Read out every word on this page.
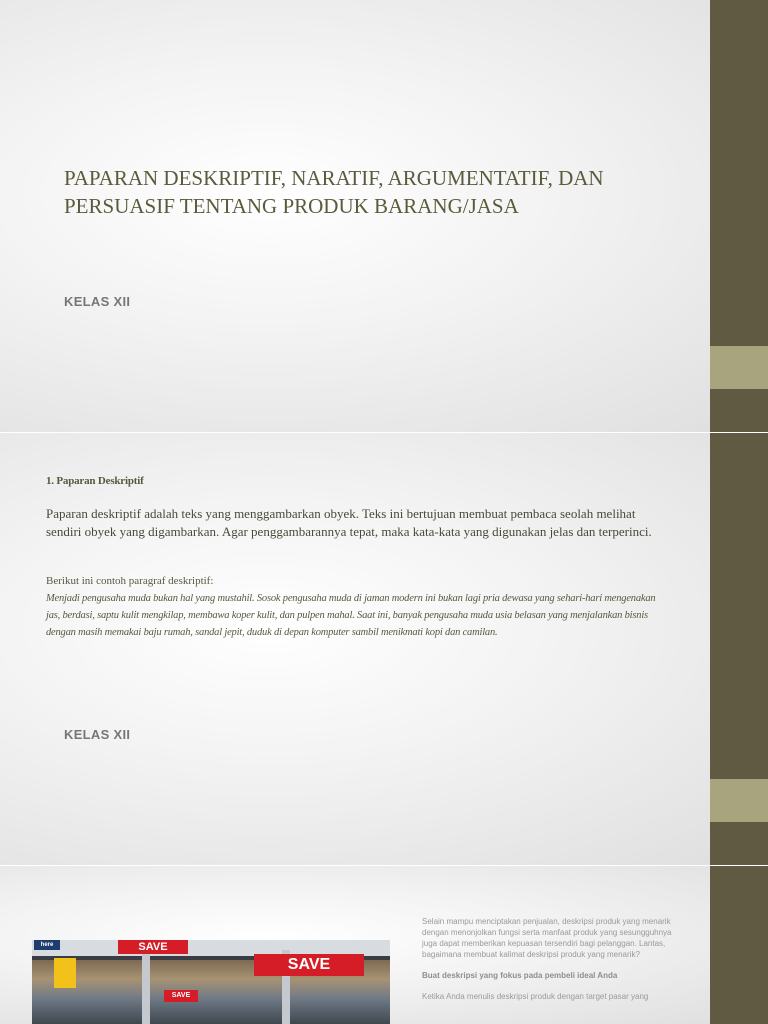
PAPARAN DESKRIPTIF, NARATIF, ARGUMENTATIF, DAN
PERSUASIF TENTANG PRODUK BARANG/JASA
KELAS XII
1. Paparan Deskriptif
Paparan deskriptif adalah teks yang menggambarkan obyek. Teks ini bertujuan membuat pembaca seolah melihat sendiri obyek yang digambarkan. Agar penggambarannya tepat, maka kata-kata yang digunakan jelas dan terperinci.
Berikut ini contoh paragraf deskriptif:
Menjadi pengusaha muda bukan hal yang mustahil. Sosok pengusaha muda di jaman modern ini bukan lagi pria dewasa yang sehari-hari mengenakan jas, berdasi, saptu kulit mengkilap, membawa koper kulit, dan pulpen mahal. Saat ini, banyak pengusaha muda usia belasan yang menjalankan bisnis dengan masih memakai baju rumah, sandal jepit, duduk di depan komputer sambil menikmati kopi dan camilan.
KELAS XII
here	SAVE
SAVE
SAVE

Selain mampu menciptakan penjualan, deskripsi produk yang menarik dengan menonjolkan fungsi serta manfaat produk yang sesungguhnya juga dapat memberikan kepuasan tersendiri bagi pelanggan. Lantas, bagaimana membuat kalimat deskripsi produk yang menarik?

Buat deskripsi yang fokus pada pembeli ideal Anda

Ketika Anda menulis deskripsi produk dengan target pasar yang
